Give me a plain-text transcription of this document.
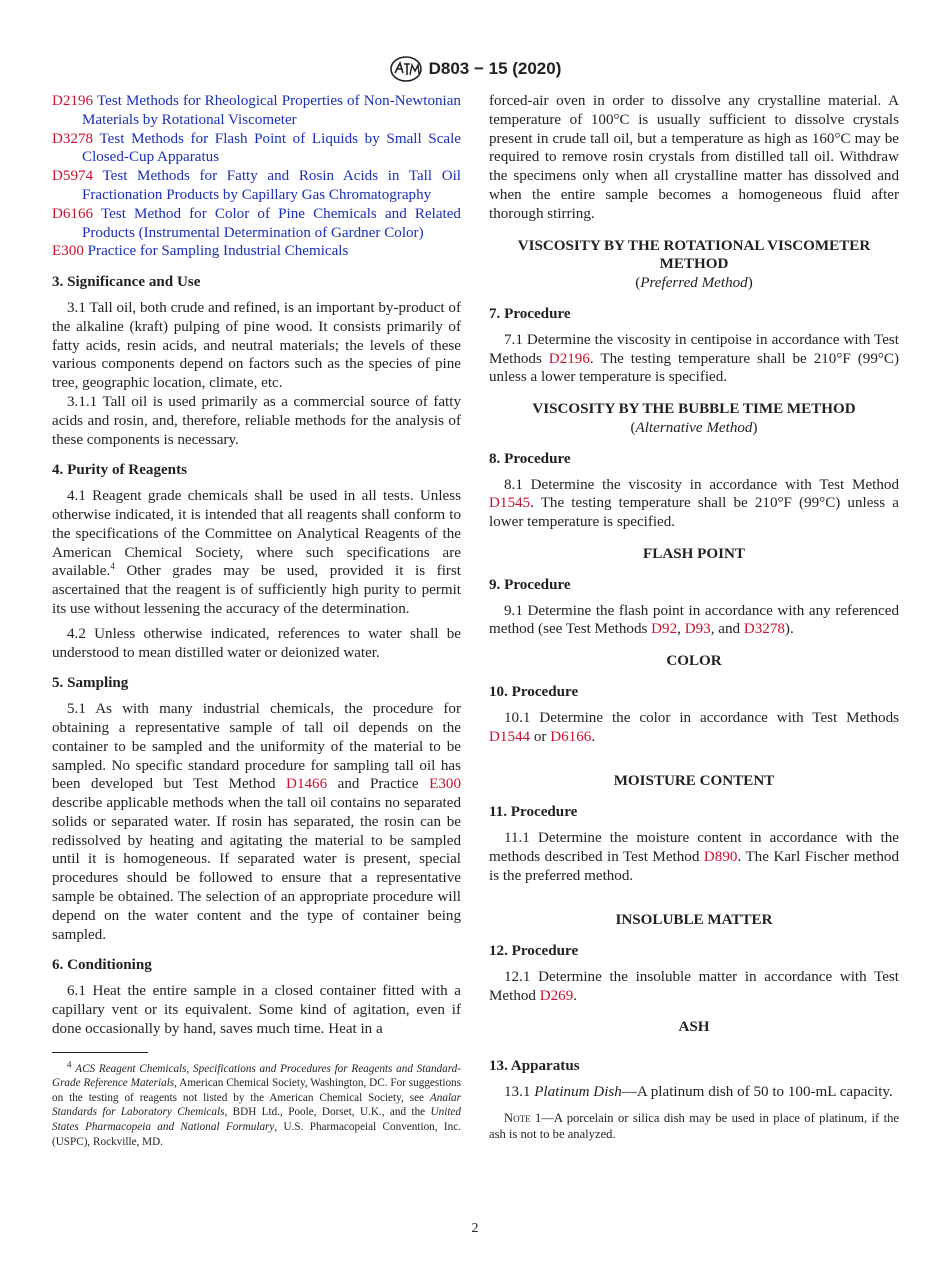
D803 − 15 (2020)

D2196 Test Methods for Rheological Properties of Non-Newtonian Materials by Rotational Viscometer

D3278 Test Methods for Flash Point of Liquids by Small Scale Closed-Cup Apparatus

D5974 Test Methods for Fatty and Rosin Acids in Tall Oil Fractionation Products by Capillary Gas Chromatography

D6166 Test Method for Color of Pine Chemicals and Related Products (Instrumental Determination of Gardner Color)

E300 Practice for Sampling Industrial Chemicals

3. Significance and Use

3.1 Tall oil, both crude and refined, is an important by-product of the alkaline (kraft) pulping of pine wood. It consists primarily of fatty acids, resin acids, and neutral materials; the levels of these various components depend on factors such as the species of pine tree, geographic location, climate, etc.

3.1.1 Tall oil is used primarily as a commercial source of fatty acids and rosin, and, therefore, reliable methods for the analysis of these components is necessary.

4. Purity of Reagents

4.1 Reagent grade chemicals shall be used in all tests. Unless otherwise indicated, it is intended that all reagents shall conform to the specifications of the Committee on Analytical Reagents of the American Chemical Society, where such specifications are available.$^4$ Other grades may be used, provided it is first ascertained that the reagent is of sufficiently high purity to permit its use without lessening the accuracy of the determination.

4.2 Unless otherwise indicated, references to water shall be understood to mean distilled water or deionized water.

5. Sampling

5.1 As with many industrial chemicals, the procedure for obtaining a representative sample of tall oil depends on the container to be sampled and the uniformity of the material to be sampled. No specific standard procedure for sampling tall oil has been developed but Test Method D1466 and Practice E300 describe applicable methods when the tall oil contains no separated solids or separated water. If rosin has separated, the rosin can be redissolved by heating and agitating the material to be sampled until it is homogeneous. If separated water is present, special procedures should be followed to ensure that a representative sample be obtained. The selection of an appropriate procedure will depend on the water content and the type of container being sampled.

6. Conditioning

6.1 Heat the entire sample in a closed container fitted with a capillary vent or its equivalent. Some kind of agitation, even if done occasionally by hand, saves much time. Heat in a

$^4$ ACS Reagent Chemicals, Specifications and Procedures for Reagents and Standard-Grade Reference Materials, American Chemical Society, Washington, DC. For suggestions on the testing of reagents not listed by the American Chemical Society, see Analar Standards for Laboratory Chemicals, BDH Ltd., Poole, Dorset, U.K., and the United States Pharmacopeia and National Formulary, U.S. Pharmacopeial Convention, Inc. (USPC), Rockville, MD.

forced-air oven in order to dissolve any crystalline material. A temperature of 100°C is usually sufficient to dissolve crystals present in crude tall oil, but a temperature as high as 160°C may be required to remove rosin crystals from distilled tall oil. Withdraw the specimens only when all crystalline matter has dissolved and when the entire sample becomes a homogeneous fluid after thorough stirring.

VISCOSITY BY THE ROTATIONAL VISCOMETER METHOD

(Preferred Method)

7. Procedure

7.1 Determine the viscosity in centipoise in accordance with Test Methods D2196. The testing temperature shall be 210°F (99°C) unless a lower temperature is specified.

VISCOSITY BY THE BUBBLE TIME METHOD

(Alternative Method)

8. Procedure

8.1 Determine the viscosity in accordance with Test Method D1545. The testing temperature shall be 210°F (99°C) unless a lower temperature is specified.

FLASH POINT

9. Procedure

9.1 Determine the flash point in accordance with any referenced method (see Test Methods D92, D93, and D3278).

COLOR

10. Procedure

10.1 Determine the color in accordance with Test Methods D1544 or D6166.

MOISTURE CONTENT

11. Procedure

11.1 Determine the moisture content in accordance with the methods described in Test Method D890. The Karl Fischer method is the preferred method.

INSOLUBLE MATTER

12. Procedure

12.1 Determine the insoluble matter in accordance with Test Method D269.

ASH

13. Apparatus

13.1 Platinum Dish—A platinum dish of 50 to 100-mL capacity.

Note 1—A porcelain or silica dish may be used in place of platinum, if the ash is not to be analyzed.

2
